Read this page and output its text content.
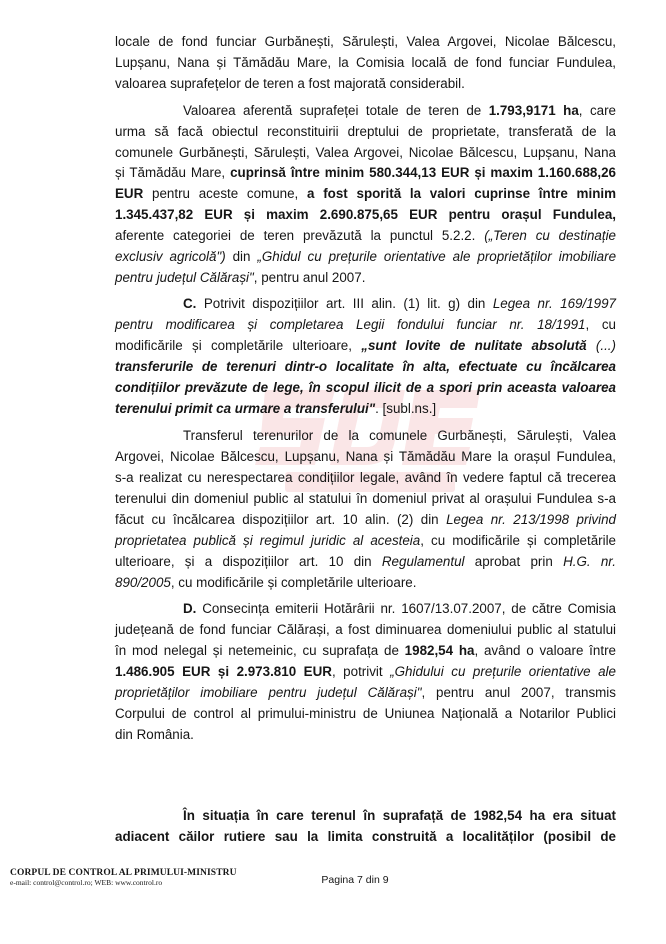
locale de fond funciar Gurbănești, Sărulești, Valea Argovei, Nicolae Bălcescu,
Lupșanu, Nana și Tămădău Mare, la Comisia locală de fond funciar Fundulea,
valoarea suprafețelor de teren a fost majorată considerabil.
Valoarea aferentă suprafeței totale de teren de 1.793,9171 ha, care
urma să facă obiectul reconstituirii dreptului de proprietate, transferată de la
comunele Gurbănești, Sărulești, Valea Argovei, Nicolae Bălcescu, Lupșanu, Nana
și Tămădău Mare, cuprinsă între minim 580.344,13 EUR și maxim 1.160.688,26
EUR pentru aceste comune, a fost sporită la valori cuprinse între minim
1.345.437,82 EUR și maxim 2.690.875,65 EUR pentru orașul Fundulea,
aferente categoriei de teren prevăzută la punctul 5.2.2. („Teren cu destinație
exclusiv agricolă") din „Ghidul cu prețurile orientative ale proprietăților imobiliare
pentru județul Călărași", pentru anul 2007.
C. Potrivit dispozițiilor art. III alin. (1) lit. g) din Legea nr. 169/1997
pentru modificarea și completarea Legii fondului funciar nr. 18/1991, cu
modificările și completările ulterioare, „sunt lovite de nulitate absolută (...)
transferurile de terenuri dintr-o localitate în alta, efectuate cu încălcarea
condițiilor prevăzute de lege, în scopul ilicit de a spori prin aceasta valoarea
terenului primit ca urmare a transferului". [subl.ns.]
Transferul terenurilor de la comunele Gurbănești, Sărulești, Valea
Argovei, Nicolae Bălcescu, Lupșanu, Nana și Tămădău Mare la orașul Fundulea,
s-a realizat cu nerespectarea condițiilor legale, având în vedere faptul că trecerea
terenului din domeniul public al statului în domeniul privat al orașului Fundulea s-a
făcut cu încălcarea dispozițiilor art. 10 alin. (2) din Legea nr. 213/1998 privind
proprietatea publică și regimul juridic al acesteia, cu modificările și completările
ulterioare, și a dispozițiilor art. 10 din Regulamentul aprobat prin H.G. nr.
890/2005, cu modificările și completările ulterioare.
D. Consecința emiterii Hotărârii nr. 1607/13.07.2007, de către Comisia
județeană de fond funciar Călărași, a fost diminuarea domeniului public al statului
în mod nelegal și netemeinic, cu suprafața de 1982,54 ha, având o valoare între
1.486.905 EUR și 2.973.810 EUR, potrivit „Ghidului cu prețurile orientative ale
proprietăților imobiliare pentru județul Călărași", pentru anul 2007, transmis
Corpului de control al primului-ministru de Uniunea Națională a Notarilor Publici
din România.
În situația în care terenul în suprafață de 1982,54 ha era situat
adiacent căilor rutiere sau la limita construită a localităților (posibil de
CORPUL DE CONTROL AL PRIMULUI-MINISTRU
e-mail: control@control.ro; WEB: www.control.ro	Pagina 7 din 9
